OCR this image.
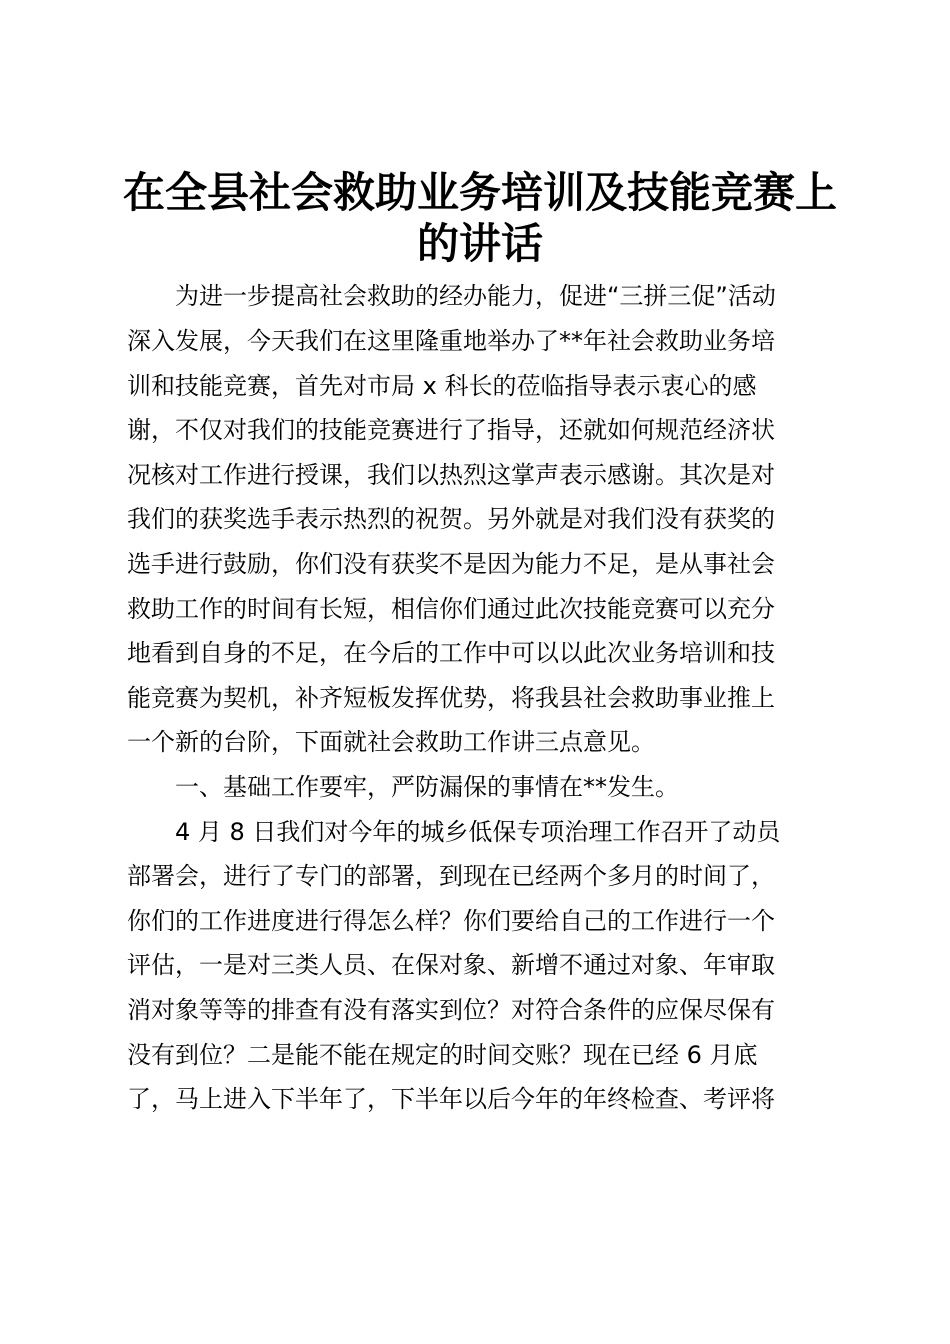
在全县社会救助业务培训及技能竞赛上
的讲话
为进一步提高社会救助的经办能力，促进“三拼三促”活动
深入发展，今天我们在这里隆重地举办了**年社会救助业务培
训和技能竞赛，首先对市局 x 科长的莅临指导表示衷心的感
谢，不仅对我们的技能竞赛进行了指导，还就如何规范经济状
况核对工作进行授课，我们以热烈这掌声表示感谢。其次是对
我们的获奖选手表示热烈的祝贺。另外就是对我们没有获奖的
选手进行鼓励，你们没有获奖不是因为能力不足，是从事社会
救助工作的时间有长短，相信你们通过此次技能竞赛可以充分
地看到自身的不足，在今后的工作中可以以此次业务培训和技
能竞赛为契机，补齐短板发挥优势，将我县社会救助事业推上
一个新的台阶，下面就社会救助工作讲三点意见。
一、基础工作要牢，严防漏保的事情在**发生。
4 月 8 日我们对今年的城乡低保专项治理工作召开了动员
部署会，进行了专门的部署，到现在已经两个多月的时间了，
你们的工作进度进行得怎么样？你们要给自己的工作进行一个
评估，一是对三类人员、在保对象、新增不通过对象、年审取
消对象等等的排查有没有落实到位？对符合条件的应保尽保有
没有到位？二是能不能在规定的时间交账？现在已经 6 月底
了，马上进入下半年了，下半年以后今年的年终检查、考评将
